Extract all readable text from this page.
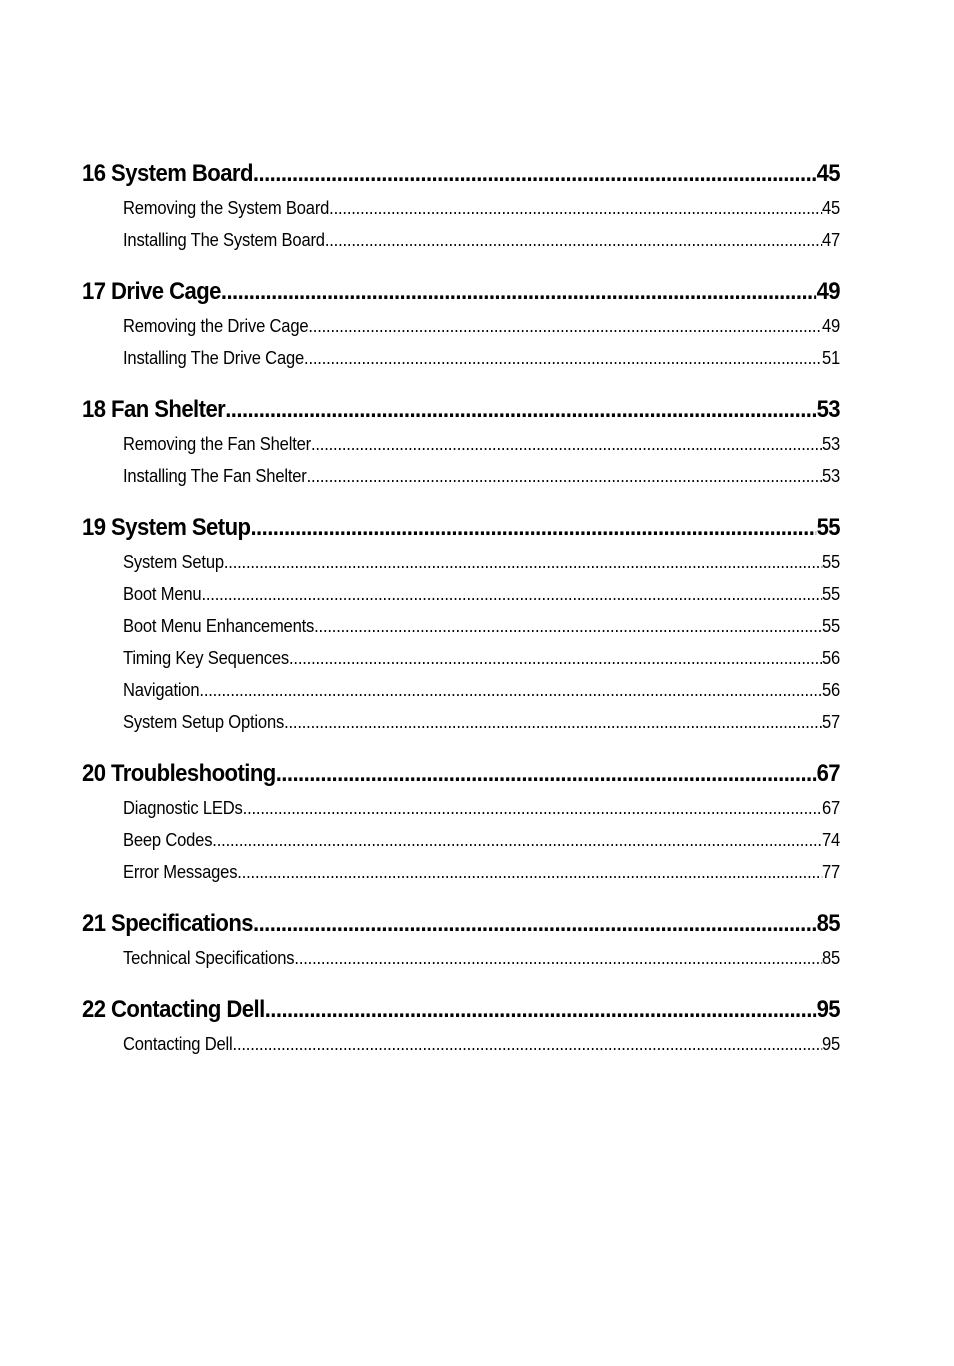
16 System Board .....	45
Removing the System Board .....	45
Installing The System Board .....	47
17 Drive Cage .....	49
Removing the Drive Cage .....	49
Installing The Drive Cage .....	51
18 Fan Shelter .....	53
Removing the Fan Shelter .....	53
Installing The Fan Shelter .....	53
19 System Setup .....	55
System Setup .....	55
Boot Menu .....	55
Boot Menu Enhancements .....	55
Timing Key Sequences .....	56
Navigation .....	56
System Setup Options .....	57
20 Troubleshooting .....	67
Diagnostic LEDs .....	67
Beep Codes .....	74
Error Messages .....	77
21 Specifications .....	85
Technical Specifications .....	85
22 Contacting Dell .....	95
Contacting Dell .....	95
